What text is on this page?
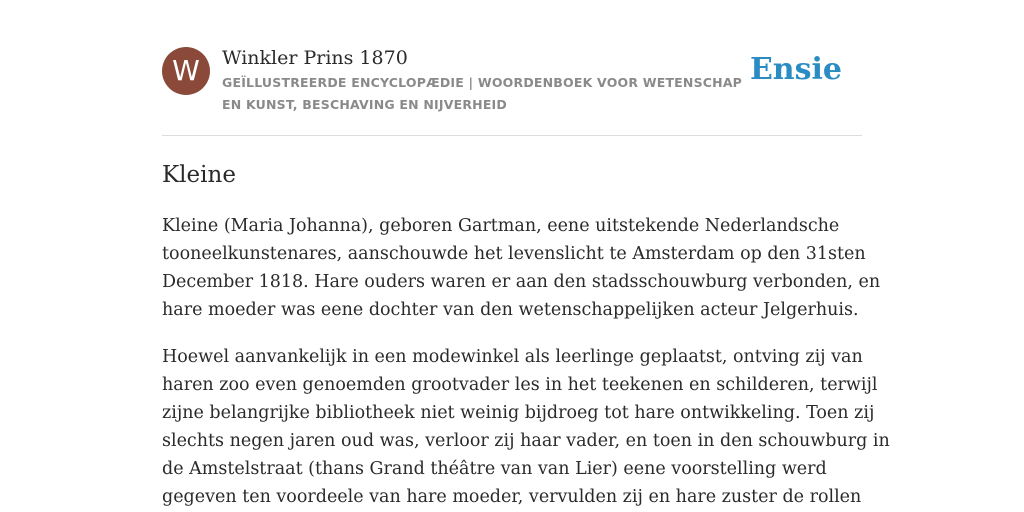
W	Winkler Prins 1870
GEÏLLUSTREERDE ENCYCLOPÆDIE | WOORDENBOEK VOOR WETENSCHAP EN KUNST, BESCHAVING EN NIJVERHEID
Ensie
Kleine

Kleine (Maria Johanna), geboren Gartman, eene uitstekende Nederlandsche
tooneelkunstenares, aanschouwde het levenslicht te Amsterdam op den 31sten
December 1818. Hare ouders waren er aan den stadsschouwburg verbonden, en
hare moeder was eene dochter van den wetenschappelijken acteur Jelgerhuis.

Hoewel aanvankelijk in een modewinkel als leerlinge geplaatst, ontving zij van
haren zoo even genoemden grootvader les in het teekenen en schilderen, terwijl
zijne belangrijke bibliotheek niet weinig bijdroeg tot hare ontwikkeling. Toen zij
slechts negen jaren oud was, verloor zij haar vader, en toen in den schouwburg in
de Amstelstraat (thans Grand théâtre van van Lier) eene voorstelling werd
gegeven ten voordeele van hare moeder, vervulden zij en hare zuster de rollen
